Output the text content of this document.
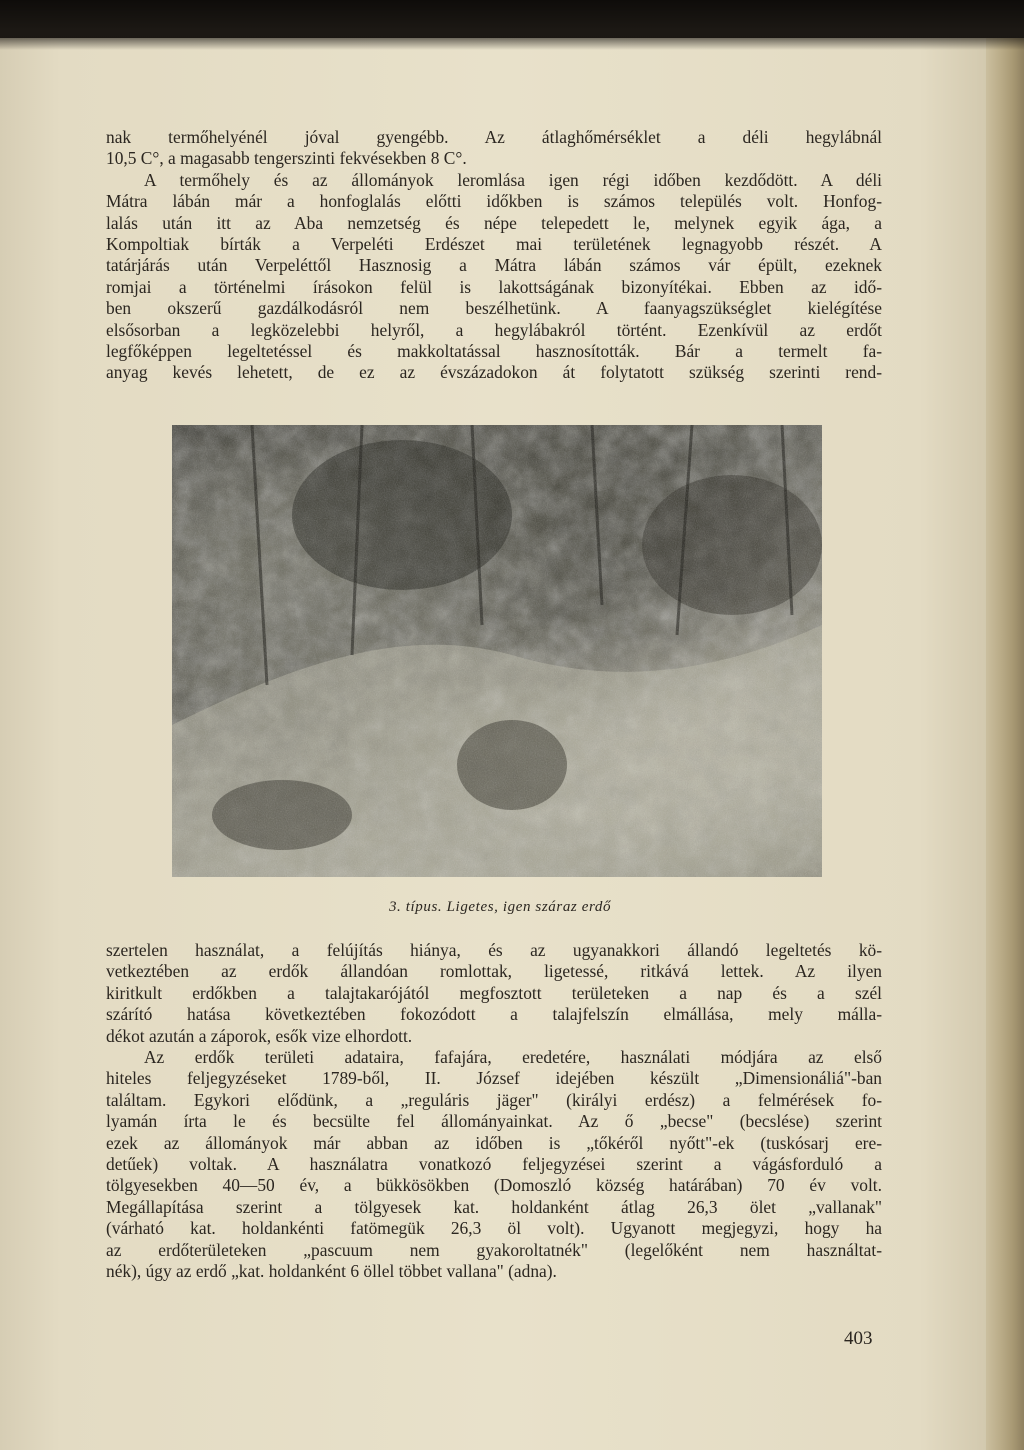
nak termőhelyénél jóval gyengébb. Az átlaghőmérséklet a déli hegylábnál
10,5 C°, a magasabb tengerszinti fekvésekben 8 C°.
A termőhely és az állományok leromlása igen régi időben kezdődött. A déli
Mátra lábán már a honfoglalás előtti időkben is számos település volt. Honfog-
lalás után itt az Aba nemzetség és népe telepedett le, melynek egyik ága, a
Kompoltiak bírták a Verpeléti Erdészet mai területének legnagyobb részét. A
tatárjárás után Verpeléttől Hasznosig a Mátra lábán számos vár épült, ezeknek
romjai a történelmi írásokon felül is lakottságának bizonyítékai. Ebben az idő-
ben okszerű gazdálkodásról nem beszélhetünk. A faanyagszükséglet kielégítése
elsősorban a legközelebbi helyről, a hegylábakról történt. Ezenkívül az erdőt
legfőképpen legeltetéssel és makkoltatással hasznosították. Bár a termelt fa-
anyag kevés lehetett, de ez az évszázadokon át folytatott szükség szerinti rend-
3. típus. Ligetes, igen száraz erdő
szertelen használat, a felújítás hiánya, és az ugyanakkori állandó legeltetés kö-
vetkeztében az erdők állandóan romlottak, ligetessé, ritkává lettek. Az ilyen
kiritkult erdőkben a talajtakarójától megfosztott területeken a nap és a szél
szárító hatása következtében fokozódott a talajfelszín elmállása, mely málla-
dékot azután a záporok, esők vize elhordott.
Az erdők területi adataira, fafajára, eredetére, használati módjára az első
hiteles feljegyzéseket 1789-ből, II. József idejében készült „Dimensionáliá"-ban
találtam. Egykori elődünk, a „reguláris jäger" (királyi erdész) a felmérések fo-
lyamán írta le és becsülte fel állományainkat. Az ő „becse" (becslése) szerint
ezek az állományok már abban az időben is „tőkéről nyőtt"-ek (tuskósarj ere-
detűek) voltak. A használatra vonatkozó feljegyzései szerint a vágásforduló a
tölgyesekben 40—50 év, a bükkösökben (Domoszló község határában) 70 év volt.
Megállapítása szerint a tölgyesek kat. holdanként átlag 26,3 ölet „vallanak"
(várható kat. holdankénti fatömegük 26,3 öl volt). Ugyanott megjegyzi, hogy ha
az erdőterületeken „pascuum nem gyakoroltatnék" (legelőként nem használtat-
nék), úgy az erdő „kat. holdanként 6 öllel többet vallana" (adna).
403
